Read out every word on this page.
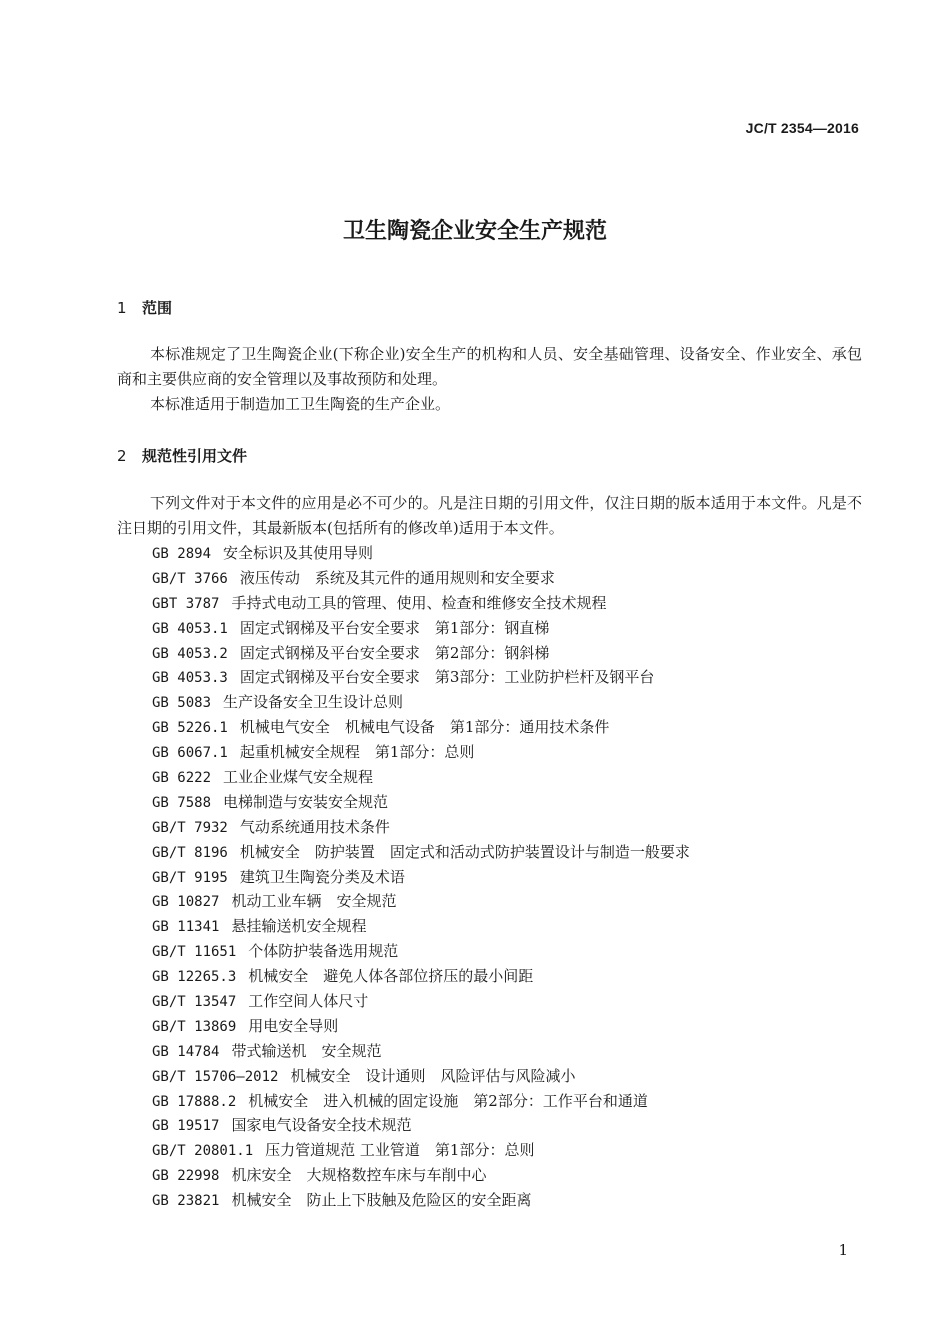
JC/T 2354—2016
卫生陶瓷企业安全生产规范
1 范围

本标准规定了卫生陶瓷企业(下称企业)安全生产的机构和人员、安全基础管理、设备安全、作业安全、承包商和主要供应商的安全管理以及事故预防和处理。

本标准适用于制造加工卫生陶瓷的生产企业。

2 规范性引用文件

下列文件对于本文件的应用是必不可少的。凡是注日期的引用文件，仅注日期的版本适用于本文件。凡是不注日期的引用文件，其最新版本(包括所有的修改单)适用于本文件。

GB 2894 安全标识及其使用导则
GB/T 3766 液压传动　系统及其元件的通用规则和安全要求
GBT 3787 手持式电动工具的管理、使用、检查和维修安全技术规程
GB 4053.1 固定式钢梯及平台安全要求　第1部分：钢直梯
GB 4053.2 固定式钢梯及平台安全要求　第2部分：钢斜梯
GB 4053.3 固定式钢梯及平台安全要求　第3部分：工业防护栏杆及钢平台
GB 5083 生产设备安全卫生设计总则
GB 5226.1 机械电气安全　机械电气设备　第1部分：通用技术条件
GB 6067.1 起重机械安全规程　第1部分：总则
GB 6222 工业企业煤气安全规程
GB 7588 电梯制造与安装安全规范
GB/T 7932 气动系统通用技术条件
GB/T 8196 机械安全　防护装置　固定式和活动式防护装置设计与制造一般要求
GB/T 9195 建筑卫生陶瓷分类及术语
GB 10827 机动工业车辆　安全规范
GB 11341 悬挂输送机安全规程
GB/T 11651 个体防护装备选用规范
GB 12265.3 机械安全　避免人体各部位挤压的最小间距
GB/T 13547 工作空间人体尺寸
GB/T 13869 用电安全导则
GB 14784 带式输送机　安全规范
GB/T 15706—2012 机械安全　设计通则　风险评估与风险减小
GB 17888.2 机械安全　进入机械的固定设施　第2部分：工作平台和通道
GB 19517 国家电气设备安全技术规范
GB/T 20801.1 压力管道规范 工业管道　第1部分：总则
GB 22998 机床安全　大规格数控车床与车削中心
GB 23821 机械安全　防止上下肢触及危险区的安全距离
1
